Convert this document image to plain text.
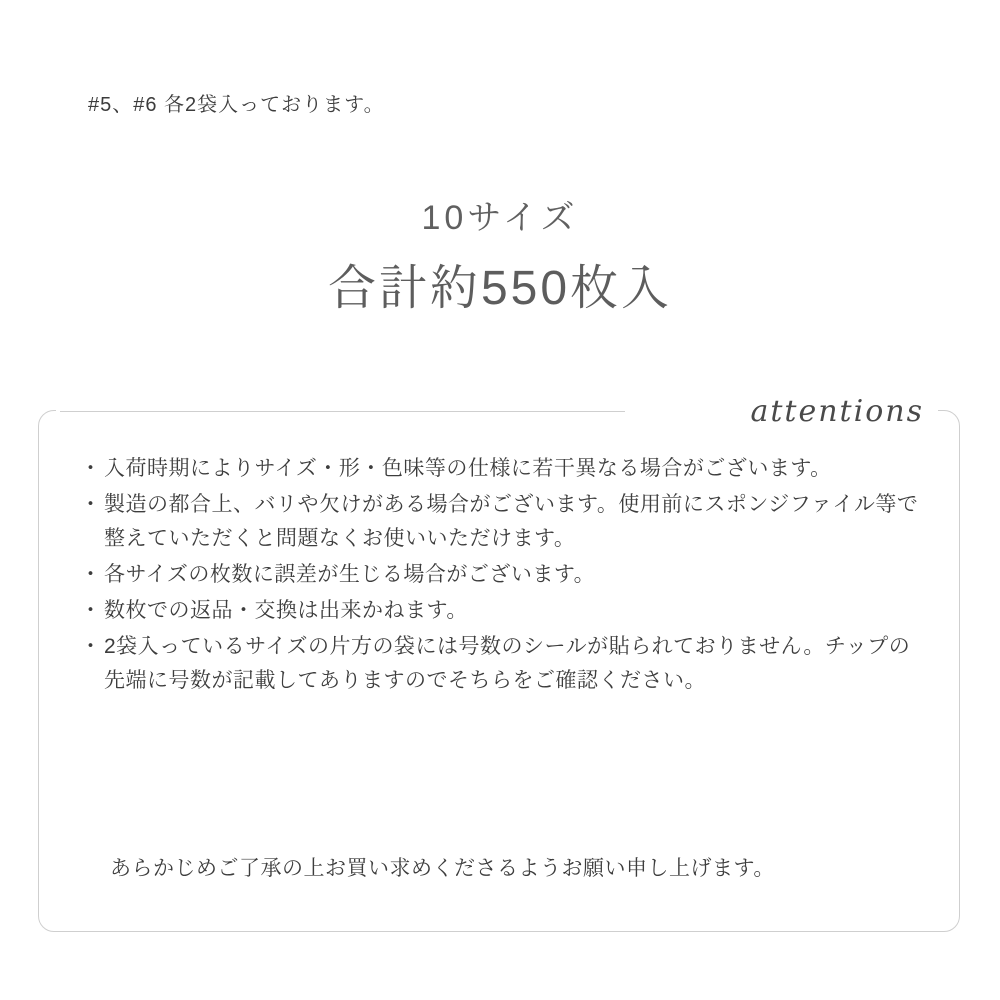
#5、#6 各2袋入っております。
10サイズ
合計約550枚入
attentions
・ 入荷時期によりサイズ・形・色味等の仕様に若干異なる場合がございます。
・ 製造の都合上、バリや欠けがある場合がございます。使用前にスポンジファイル等で整えていただくと問題なくお使いいただけます。
・ 各サイズの枚数に誤差が生じる場合がございます。
・ 数枚での返品・交換は出来かねます。
・ 2袋入っているサイズの片方の袋には号数のシールが貼られておりません。チップの先端に号数が記載してありますのでそちらをご確認ください。
あらかじめご了承の上お買い求めくださるようお願い申し上げます。
